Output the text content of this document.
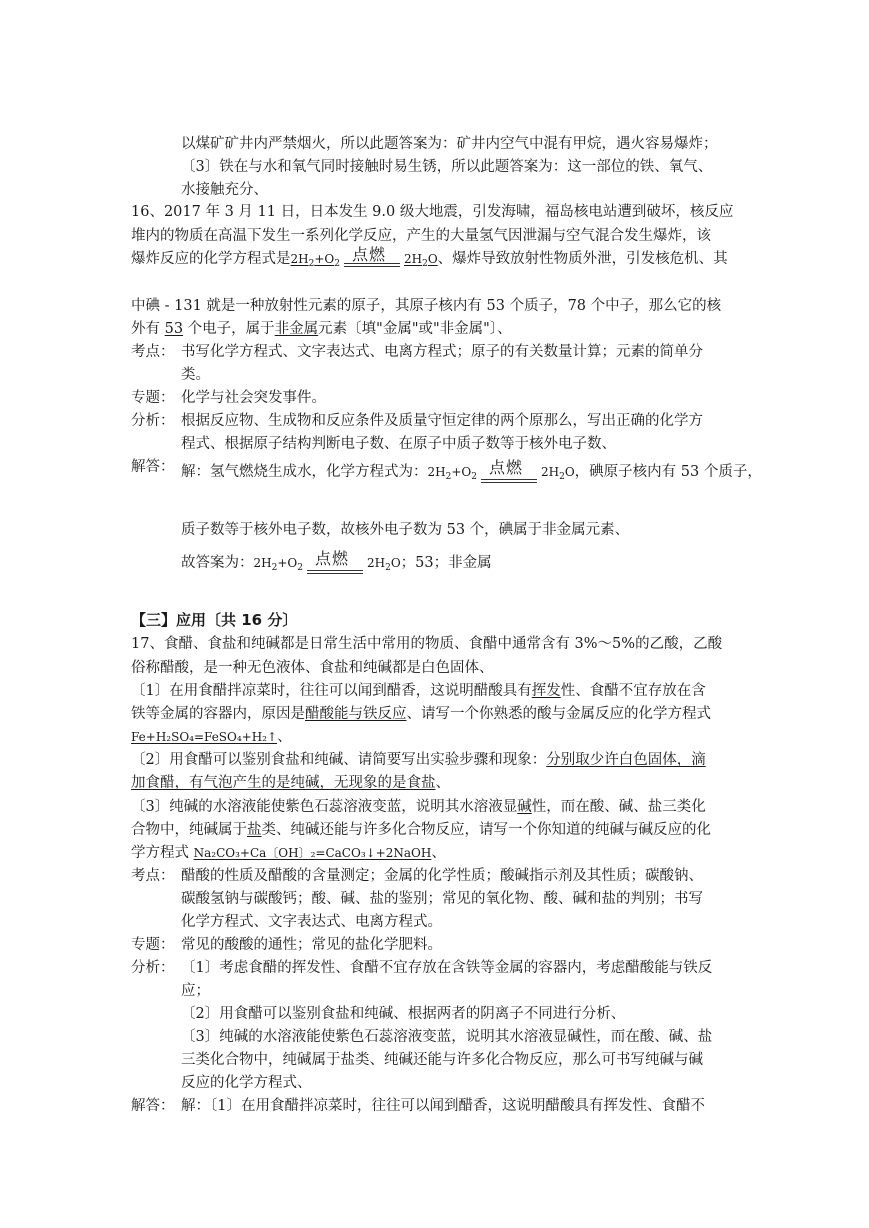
以煤矿矿井内严禁烟火，所以此题答案为：矿井内空气中混有甲烷，遇火容易爆炸；
〔3〕铁在与水和氧气同时接触时易生锈，所以此题答案为：这一部位的铁、氧气、
水接触充分、
16、2017 年 3 月 11 日，日本发生 9.0 级大地震，引发海啸，福岛核电站遭到破坏，核反应
堆内的物质在高温下发生一系列化学反应，产生的大量氢气因泄漏与空气混合发生爆炸，该
爆炸反应的化学方程式是$2H_2+O_2$ 点燃 $2H_2O$、爆炸导致放射性物质外泄，引发核危机、其
中碘 - 131 就是一种放射性元素的原子，其原子核内有 53 个质子，78 个中子，那么它的核
外有 53 个电子，属于非金属元素〔填"金属"或"非金属"〕、
考点： 书写化学方程式、文字表达式、电离方程式；原子的有关数量计算；元素的简单分
类。
专题： 化学与社会突发事件。
分析： 根据反应物、生成物和反应条件及质量守恒定律的两个原那么，写出正确的化学方
程式、根据原子结构判断电子数、在原子中质子数等于核外电子数、
解答： 解：氢气燃烧生成水，化学方程式为：$2H_2+O_2$ 点燃 $2H_2O$，碘原子核内有 53 个质子，
质子数等于核外电子数，故核外电子数为 53 个，碘属于非金属元素、
故答案为：$2H_2+O_2$ 点燃 $2H_2O$；53；非金属
【三】应用〔共 16 分〕
17、食醋、食盐和纯碱都是日常生活中常用的物质、食醋中通常含有 3%～5%的乙酸，乙酸
俗称醋酸，是一种无色液体、食盐和纯碱都是白色固体、
〔1〕在用食醋拌凉菜时，往往可以闻到醋香，这说明醋酸具有挥发性、食醋不宜存放在含
铁等金属的容器内，原因是醋酸能与铁反应、请写一个你熟悉的酸与金属反应的化学方程式
Fe+H₂SO₄=FeSO₄+H₂↑、
〔2〕用食醋可以鉴别食盐和纯碱、请简要写出实验步骤和现象：分别取少许白色固体，滴
加食醋，有气泡产生的是纯碱，无现象的是食盐、
〔3〕纯碱的水溶液能使紫色石蕊溶液变蓝，说明其水溶液显碱性，而在酸、碱、盐三类化
合物中，纯碱属于盐类、纯碱还能与许多化合物反应，请写一个你知道的纯碱与碱反应的化
学方程式 Na₂CO₃+Ca〔OH〕₂=CaCO₃↓+2NaOH、
考点： 醋酸的性质及醋酸的含量测定；金属的化学性质；酸碱指示剂及其性质；碳酸钠、
碳酸氢钠与碳酸钙；酸、碱、盐的鉴别；常见的氧化物、酸、碱和盐的判别；书写
化学方程式、文字表达式、电离方程式。
专题： 常见的酸酸的通性；常见的盐化学肥料。
分析： 〔1〕考虑食醋的挥发性、食醋不宜存放在含铁等金属的容器内，考虑醋酸能与铁反
应；
〔2〕用食醋可以鉴别食盐和纯碱、根据两者的阴离子不同进行分析、
〔3〕纯碱的水溶液能使紫色石蕊溶液变蓝，说明其水溶液显碱性，而在酸、碱、盐
三类化合物中，纯碱属于盐类、纯碱还能与许多化合物反应，那么可书写纯碱与碱
反应的化学方程式、
解答： 解：〔1〕在用食醋拌凉菜时，往往可以闻到醋香，这说明醋酸具有挥发性、食醋不
